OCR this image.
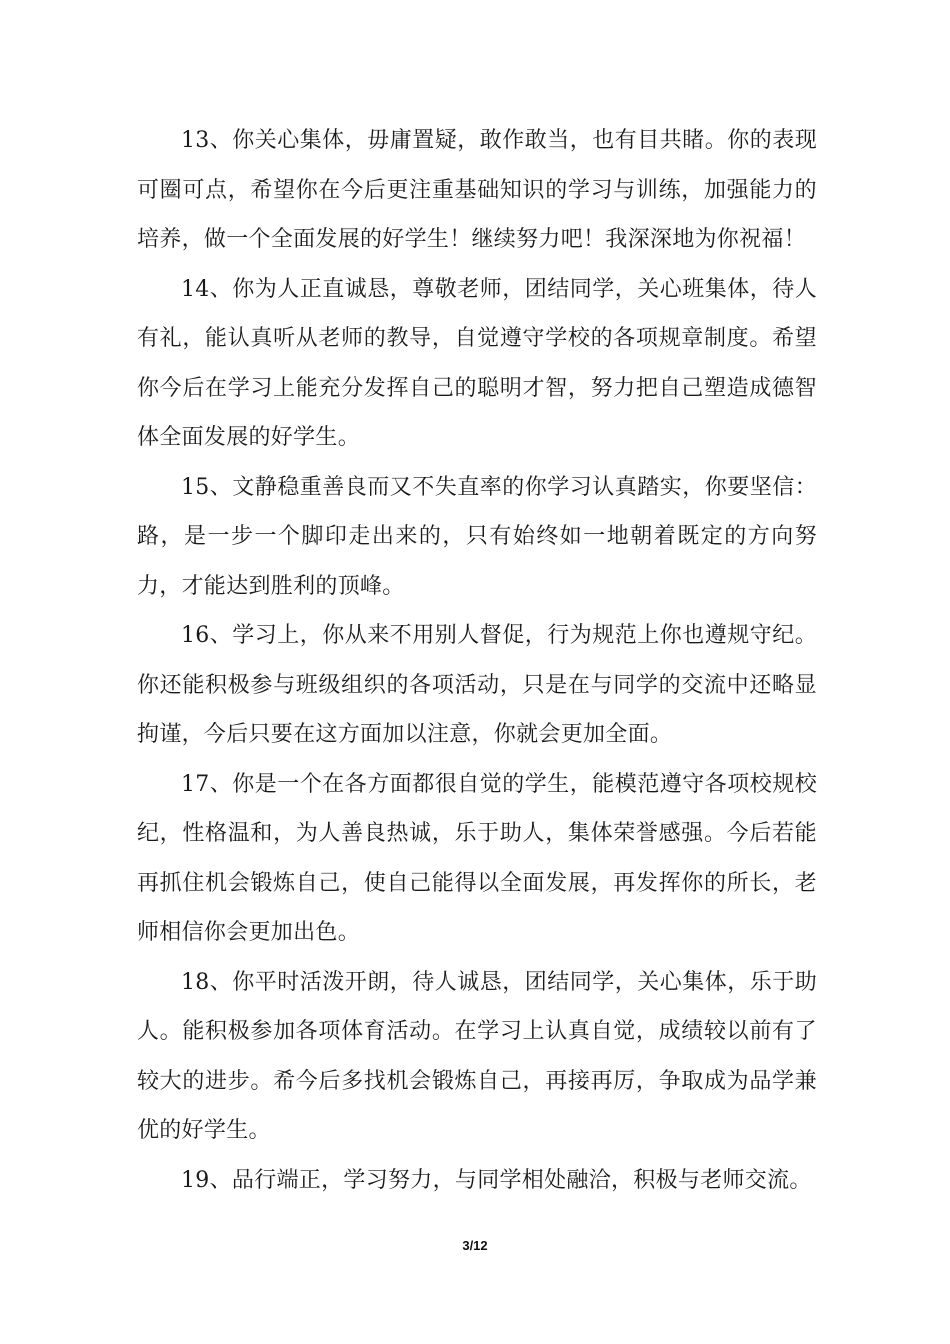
13、你关心集体，毋庸置疑，敢作敢当，也有目共睹。你的表现可圈可点，希望你在今后更注重基础知识的学习与训练，加强能力的培养，做一个全面发展的好学生！继续努力吧！我深深地为你祝福！

14、你为人正直诚恳，尊敬老师，团结同学，关心班集体，待人有礼，能认真听从老师的教导，自觉遵守学校的各项规章制度。希望你今后在学习上能充分发挥自己的聪明才智，努力把自己塑造成德智体全面发展的好学生。

15、文静稳重善良而又不失直率的你学习认真踏实，你要坚信：路，是一步一个脚印走出来的，只有始终如一地朝着既定的方向努力，才能达到胜利的顶峰。

16、学习上，你从来不用别人督促，行为规范上你也遵规守纪。你还能积极参与班级组织的各项活动，只是在与同学的交流中还略显拘谨，今后只要在这方面加以注意，你就会更加全面。

17、你是一个在各方面都很自觉的学生，能模范遵守各项校规校纪，性格温和，为人善良热诚，乐于助人，集体荣誉感强。今后若能再抓住机会锻炼自己，使自己能得以全面发展，再发挥你的所长，老师相信你会更加出色。

18、你平时活泼开朗，待人诚恳，团结同学，关心集体，乐于助人。能积极参加各项体育活动。在学习上认真自觉，成绩较以前有了较大的进步。希今后多找机会锻炼自己，再接再厉，争取成为品学兼优的好学生。

19、品行端正，学习努力，与同学相处融洽，积极与老师交流。

3/12
